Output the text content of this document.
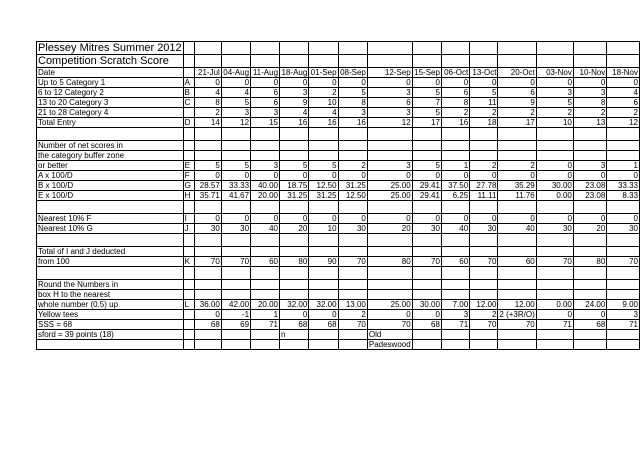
Plessey Mitres Summer 2012															
Competition Scratch Score															
Date		21-Jul	04-Aug	11-Aug	18-Aug	01-Sep	08-Sep	12-Sep	15-Sep	06-Oct	13-Oct	20-Oct	03-Nov	10-Nov	18-Nov
Up to 5 Category 1	A	0	0	0	0	0	0	0	0	0	0	0	0	0	0
6 to 12 Category 2	B	4	4	6	3	2	5	3	5	6	5	6	3	3	4
13 to 20 Category 3	C	8	5	6	9	10	8	6	7	8	11	9	5	8	6
21 to 28 Category 4		2	3	3	4	4	3	3	5	2	2	2	2	2	2
Total Entry	D	14	12	15	16	16	16	12	17	16	18	17	10	13	12

Number of net scores in															
the category buffer zone															
or better	E	5	5	3	5	5	2	3	5	1	2	2	0	3	1
A x 100/D	F	0	0	0	0	0	0	0	0	0	0	0	0	0	0
B x 100/D	G	28.57	33.33	40.00	18.75	12.50	31.25	25.00	29.41	37.50	27.78	35.29	30.00	23.08	33.33
E x 100/D	H	35.71	41.67	20.00	31.25	31.25	12.50	25.00	29.41	6.25	11.11	11.76	0.00	23.08	8.33

Nearest 10% F	I	0	0	0	0	0	0	0	0	0	0	0	0	0	0
Nearest 10% G	J	30	30	40	20	10	30	20	30	40	30	40	30	20	30

Total of I and J deducted															
from 100	K	70	70	60	80	90	70	80	70	60	70	60	70	80	70

Round the Numbers in															
box H to the nearest															
whole number (0.5) up	L	36.00	42.00	20.00	32.00	32.00	13.00	25.00	30.00	7.00	12.00	12.00	0.00	24.00	9.00
Yellow tees		0	-1	1	0	0	2	0	0	3	2	2 (+3R/O)	0	0	3
SSS = 68		68	69	71	68	68	70	70	68	71	70	70	71	68	71
sford = 39 points (18)					n			Old							
								Padeswood							
